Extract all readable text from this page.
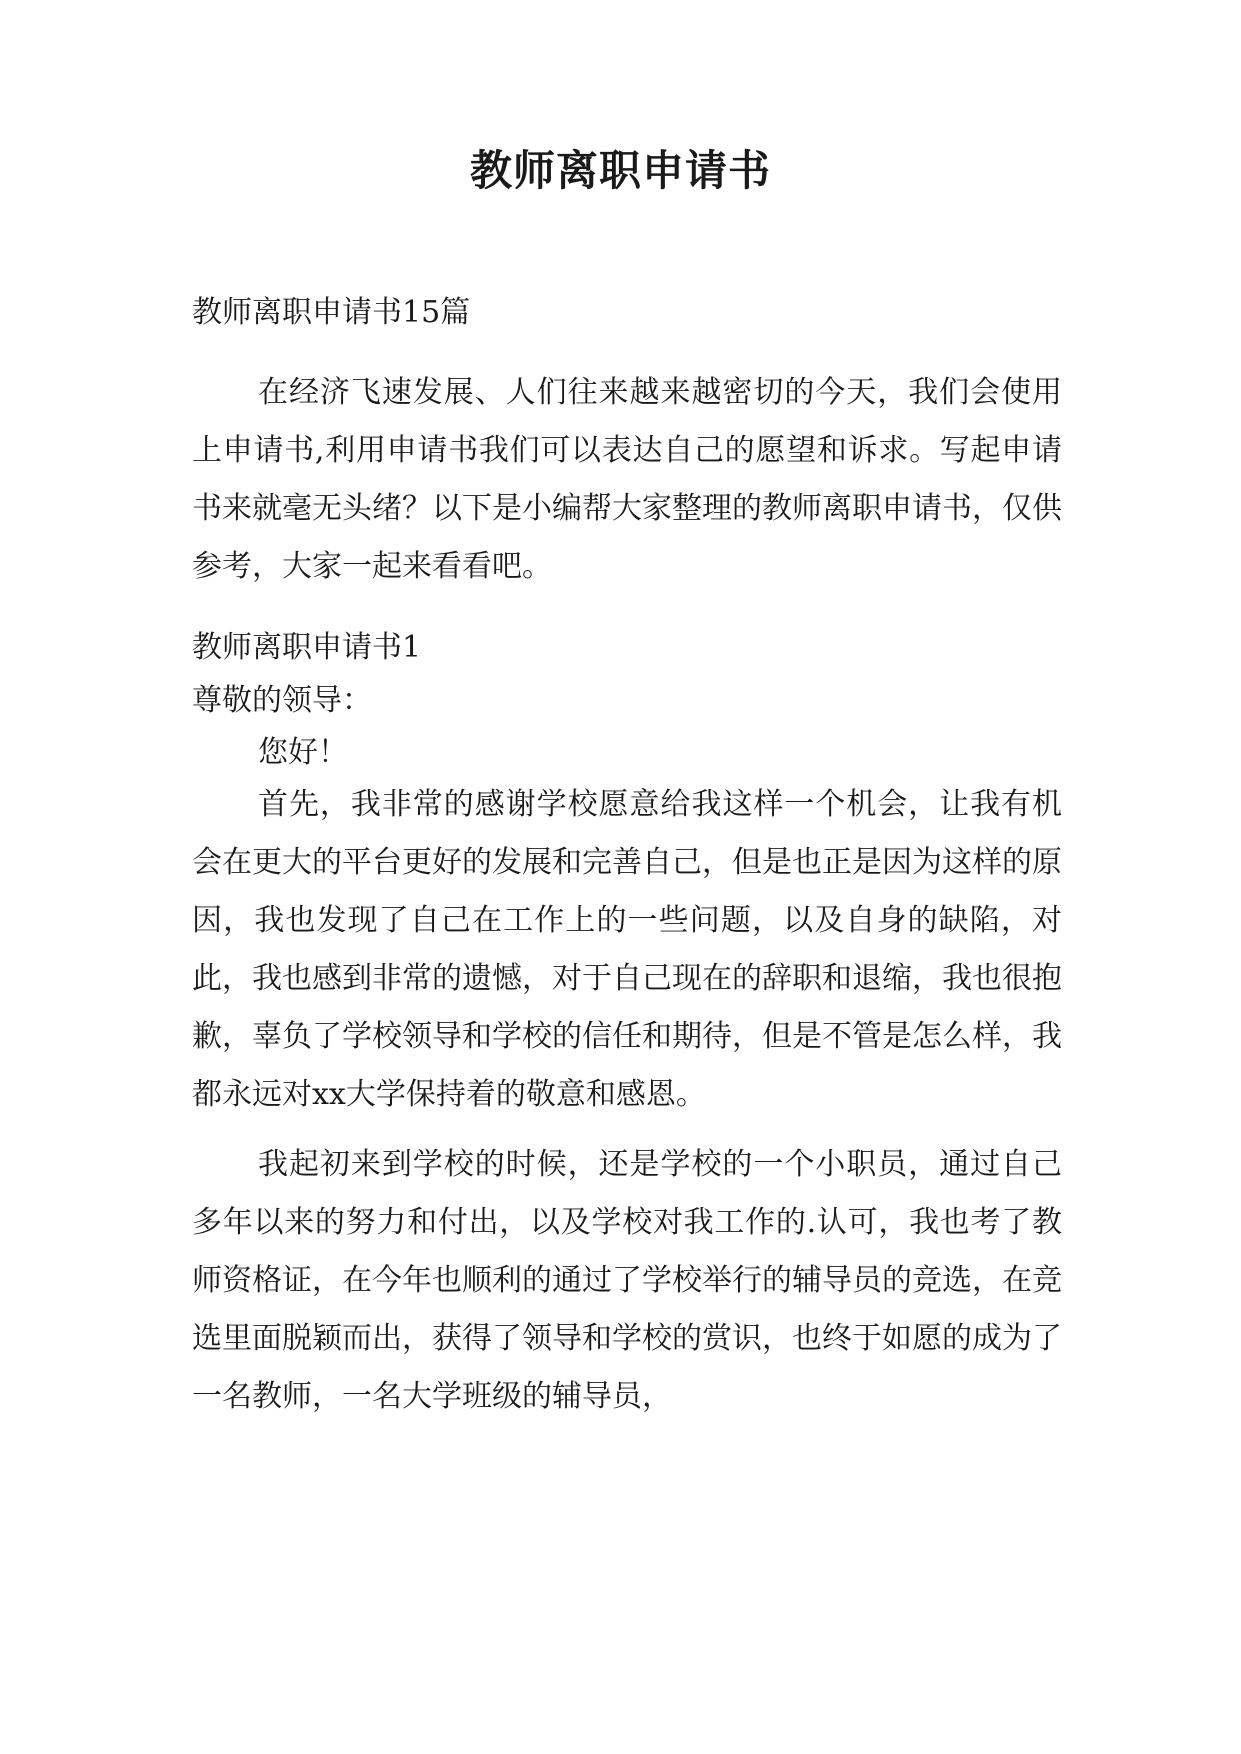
教师离职申请书
教师离职申请书15篇

在经济飞速发展、人们往来越来越密切的今天，我们会使用上申请书,利用申请书我们可以表达自己的愿望和诉求。写起申请书来就毫无头绪？以下是小编帮大家整理的教师离职申请书，仅供参考，大家一起来看看吧。

教师离职申请书1
尊敬的领导：
您好！

首先，我非常的感谢学校愿意给我这样一个机会，让我有机会在更大的平台更好的发展和完善自己，但是也正是因为这样的原因，我也发现了自己在工作上的一些问题，以及自身的缺陷，对此，我也感到非常的遗憾，对于自己现在的辞职和退缩，我也很抱歉，辜负了学校领导和学校的信任和期待，但是不管是怎么样，我都永远对xx大学保持着的敬意和感恩。

我起初来到学校的时候，还是学校的一个小职员，通过自己多年以来的努力和付出，以及学校对我工作的.认可，我也考了教师资格证，在今年也顺利的通过了学校举行的辅导员的竞选，在竞选里面脱颖而出，获得了领导和学校的赏识，也终于如愿的成为了一名教师，一名大学班级的辅导员，
